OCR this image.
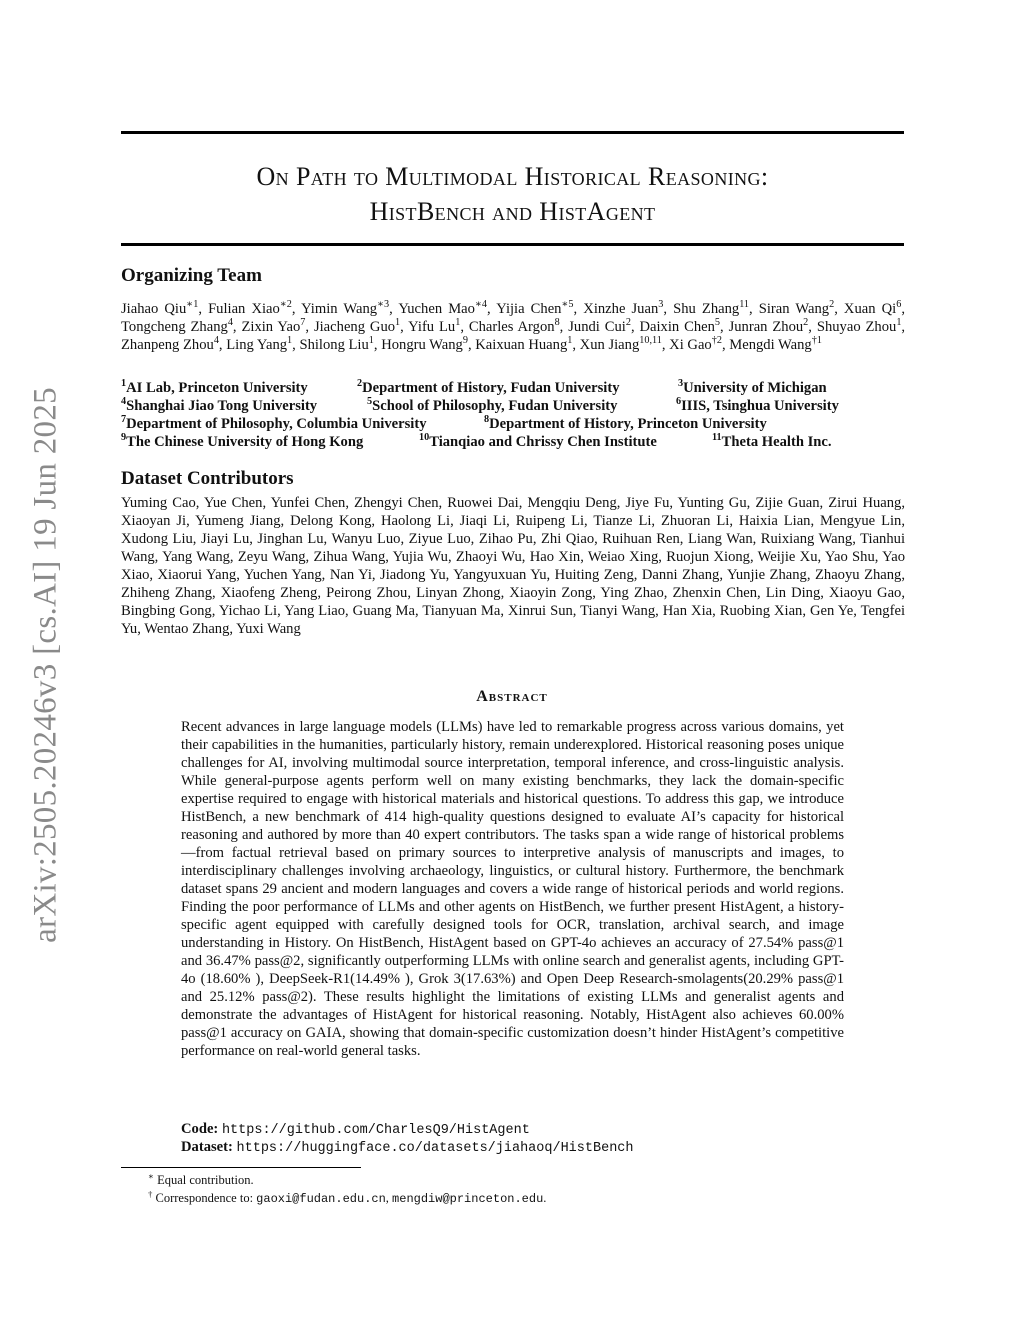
arXiv:2505.20246v3 [cs.AI] 19 Jun 2025
On Path to Multimodal Historical Reasoning:
HistBench and HistAgent
Organizing Team

Jiahao Qiu$^{∗1}$, Fulian Xiao$^{∗2}$, Yimin Wang$^{∗3}$, Yuchen Mao$^{∗4}$, Yijia Chen$^{∗5}$, Xinzhe Juan$^3$, Shu Zhang$^{11}$, Siran Wang$^2$, Xuan Qi$^6$, Tongcheng Zhang$^4$, Zixin Yao$^7$, Jiacheng Guo$^1$, Yifu Lu$^1$, Charles Argon$^8$, Jundi Cui$^2$, Daixin Chen$^5$, Junran Zhou$^2$, Shuyao Zhou$^1$, Zhanpeng Zhou$^4$, Ling Yang$^1$, Shilong Liu$^1$, Hongru Wang$^9$, Kaixuan Huang$^1$, Xun Jiang$^{10,11}$, Xi Gao$^{\dagger 2}$, Mengdi Wang$^{\dagger 1}$

$^1$AI Lab, Princeton University	$^2$Department of History, Fudan University	$^3$University of Michigan
$^4$Shanghai Jiao Tong University	$^5$School of Philosophy, Fudan University	$^6$IIIS, Tsinghua University
$^7$Department of Philosophy, Columbia University	$^8$Department of History, Princeton University
$^9$The Chinese University of Hong Kong	$^{10}$Tianqiao and Chrissy Chen Institute	$^{11}$Theta Health Inc.
Dataset Contributors

Yuming Cao, Yue Chen, Yunfei Chen, Zhengyi Chen, Ruowei Dai, Mengqiu Deng, Jiye Fu, Yunting Gu, Zijie Guan, Zirui Huang, Xiaoyan Ji, Yumeng Jiang, Delong Kong, Haolong Li, Jiaqi Li, Ruipeng Li, Tianze Li, Zhuoran Li, Haixia Lian, Mengyue Lin, Xudong Liu, Jiayi Lu, Jinghan Lu, Wanyu Luo, Ziyue Luo, Zihao Pu, Zhi Qiao, Ruihuan Ren, Liang Wan, Ruixiang Wang, Tianhui Wang, Yang Wang, Zeyu Wang, Zihua Wang, Yujia Wu, Zhaoyi Wu, Hao Xin, Weiao Xing, Ruojun Xiong, Weijie Xu, Yao Shu, Yao Xiao, Xiaorui Yang, Yuchen Yang, Nan Yi, Jiadong Yu, Yangyuxuan Yu, Huiting Zeng, Danni Zhang, Yunjie Zhang, Zhaoyu Zhang, Zhiheng Zhang, Xiaofeng Zheng, Peirong Zhou, Linyan Zhong, Xiaoyin Zong, Ying Zhao, Zhenxin Chen, Lin Ding, Xiaoyu Gao, Bingbing Gong, Yichao Li, Yang Liao, Guang Ma, Tianyuan Ma, Xinrui Sun, Tianyi Wang, Han Xia, Ruobing Xian, Gen Ye, Tengfei Yu, Wentao Zhang, Yuxi Wang

Abstract

Recent advances in large language models (LLMs) have led to remarkable progress across various domains, yet their capabilities in the humanities, particularly history, remain underexplored. Historical reasoning poses unique challenges for AI, involving multimodal source interpretation, temporal inference, and cross-linguistic analysis. While general-purpose agents perform well on many existing benchmarks, they lack the domain-specific expertise required to engage with historical materials and historical questions. To address this gap, we introduce HistBench, a new benchmark of 414 high-quality questions designed to evaluate AI’s capacity for historical reasoning and authored by more than 40 expert contributors. The tasks span a wide range of historical problems—from factual retrieval based on primary sources to interpretive analysis of manuscripts and images, to interdisciplinary challenges involving archaeology, linguistics, or cultural history. Furthermore, the benchmark dataset spans 29 ancient and modern languages and covers a wide range of historical periods and world regions. Finding the poor performance of LLMs and other agents on HistBench, we further present HistAgent, a history-specific agent equipped with carefully designed tools for OCR, translation, archival search, and image understanding in History. On HistBench, HistAgent based on GPT-4o achieves an accuracy of 27.54% pass@1 and 36.47% pass@2, significantly outperforming LLMs with online search and generalist agents, including GPT-4o (18.60% ), DeepSeek-R1(14.49% ), Grok 3(17.63%) and Open Deep Research-smolagents(20.29% pass@1 and 25.12% pass@2). These results highlight the limitations of existing LLMs and generalist agents and demonstrate the advantages of HistAgent for historical reasoning. Notably, HistAgent also achieves 60.00% pass@1 accuracy on GAIA, showing that domain-specific customization doesn’t hinder HistAgent’s competitive performance on real-world general tasks.

Code: https://github.com/CharlesQ9/HistAgent
Dataset: https://huggingface.co/datasets/jiahaoq/HistBench
∗ Equal contribution.
† Correspondence to: gaoxi@fudan.edu.cn, mengdiw@princeton.edu.
